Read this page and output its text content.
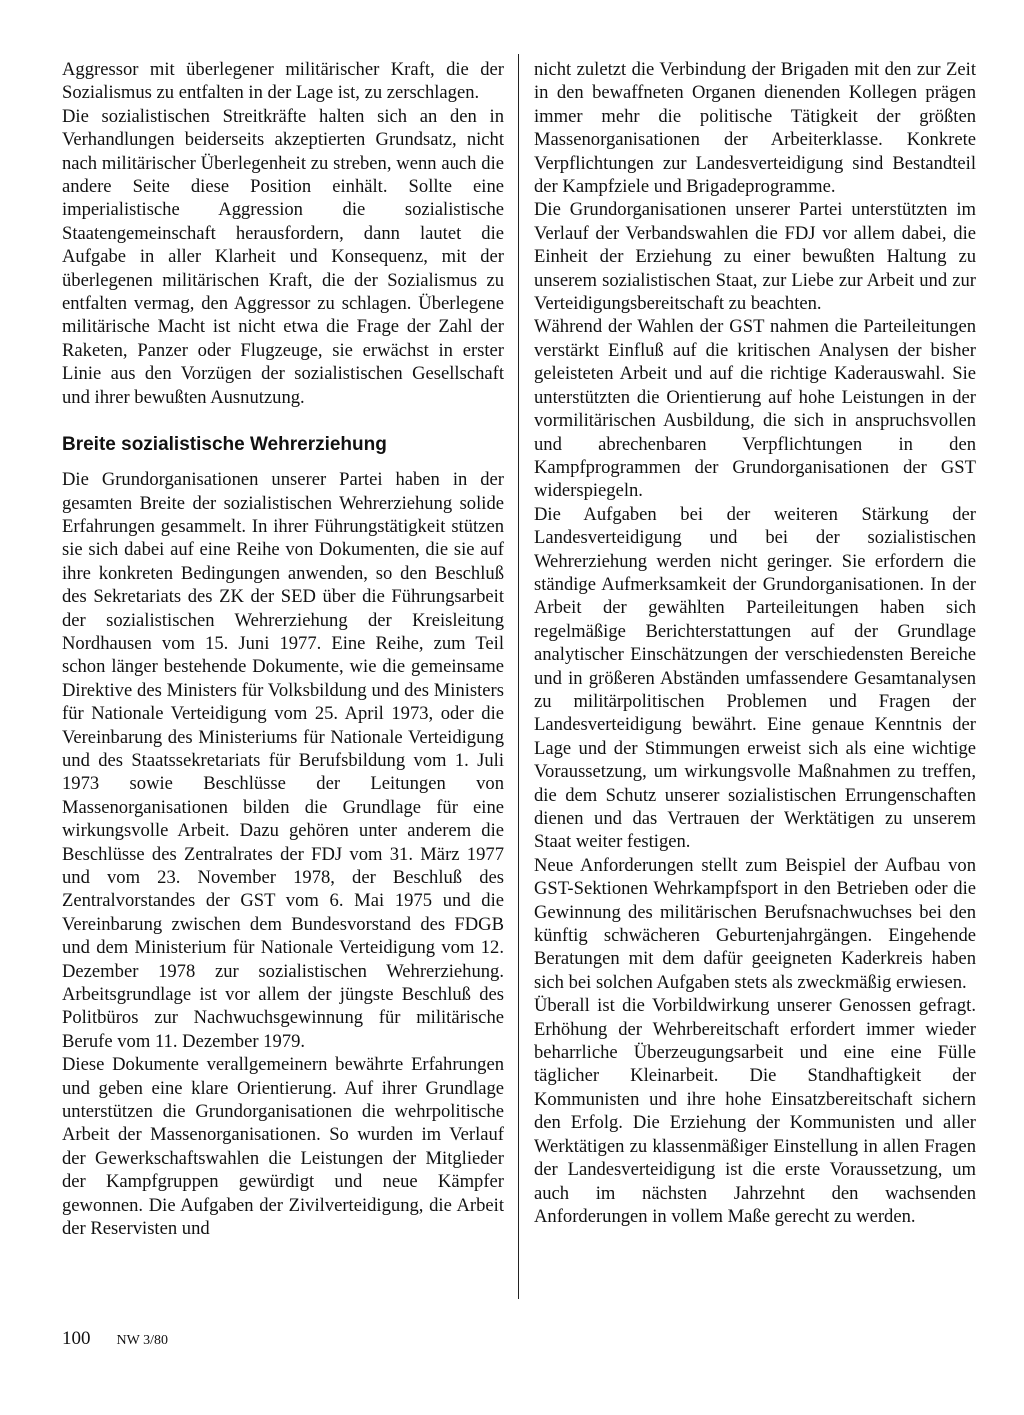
Aggressor mit überlegener militärischer Kraft, die der Sozialismus zu entfalten in der Lage ist, zu zerschlagen.

Die sozialistischen Streitkräfte halten sich an den in Verhandlungen beiderseits akzeptierten Grundsatz, nicht nach militärischer Überlegenheit zu streben, wenn auch die andere Seite diese Position einhält. Sollte eine imperialistische Aggression die sozialistische Staatengemeinschaft herausfordern, dann lautet die Aufgabe in aller Klarheit und Konsequenz, mit der überlegenen militärischen Kraft, die der Sozialismus zu entfalten vermag, den Aggressor zu schlagen. Überlegene militärische Macht ist nicht etwa die Frage der Zahl der Raketen, Panzer oder Flugzeuge, sie erwächst in erster Linie aus den Vorzügen der sozialistischen Gesellschaft und ihrer bewußten Ausnutzung.

Breite sozialistische Wehrerziehung

Die Grundorganisationen unserer Partei haben in der gesamten Breite der sozialistischen Wehrerziehung solide Erfahrungen gesammelt. In ihrer Führungstätigkeit stützen sie sich dabei auf eine Reihe von Dokumenten, die sie auf ihre konkreten Bedingungen anwenden, so den Beschluß des Sekretariats des ZK der SED über die Führungsarbeit der sozialistischen Wehrerziehung der Kreisleitung Nordhausen vom 15. Juni 1977. Eine Reihe, zum Teil schon länger bestehende Dokumente, wie die gemeinsame Direktive des Ministers für Volksbildung und des Ministers für Nationale Verteidigung vom 25. April 1973, oder die Vereinbarung des Ministeriums für Nationale Verteidigung und des Staatssekretariats für Berufsbildung vom 1. Juli 1973 sowie Beschlüsse der Leitungen von Massenorganisationen bilden die Grundlage für eine wirkungsvolle Arbeit. Dazu gehören unter anderem die Beschlüsse des Zentralrates der FDJ vom 31. März 1977 und vom 23. November 1978, der Beschluß des Zentralvorstandes der GST vom 6. Mai 1975 und die Vereinbarung zwischen dem Bundesvorstand des FDGB und dem Ministerium für Nationale Verteidigung vom 12. Dezember 1978 zur sozialistischen Wehrerziehung. Arbeitsgrundlage ist vor allem der jüngste Beschluß des Politbüros zur Nachwuchsgewinnung für militärische Berufe vom 11. Dezember 1979.

Diese Dokumente verallgemeinern bewährte Erfahrungen und geben eine klare Orientierung. Auf ihrer Grundlage unterstützen die Grundorganisationen die wehrpolitische Arbeit der Massenorganisationen. So wurden im Verlauf der Gewerkschaftswahlen die Leistungen der Mitglieder der Kampfgruppen gewürdigt und neue Kämpfer gewonnen. Die Aufgaben der Zivilverteidigung, die Arbeit der Reservisten und

nicht zuletzt die Verbindung der Brigaden mit den zur Zeit in den bewaffneten Organen dienenden Kollegen prägen immer mehr die politische Tätigkeit der größten Massenorganisationen der Arbeiterklasse. Konkrete Verpflichtungen zur Landesverteidigung sind Bestandteil der Kampfziele und Brigadeprogramme.

Die Grundorganisationen unserer Partei unterstützten im Verlauf der Verbandswahlen die FDJ vor allem dabei, die Einheit der Erziehung zu einer bewußten Haltung zu unserem sozialistischen Staat, zur Liebe zur Arbeit und zur Verteidigungsbereitschaft zu beachten.

Während der Wahlen der GST nahmen die Parteileitungen verstärkt Einfluß auf die kritischen Analysen der bisher geleisteten Arbeit und auf die richtige Kaderauswahl. Sie unterstützten die Orientierung auf hohe Leistungen in der vormilitärischen Ausbildung, die sich in anspruchsvollen und abrechenbaren Verpflichtungen in den Kampfprogrammen der Grundorganisationen der GST widerspiegeln.

Die Aufgaben bei der weiteren Stärkung der Landesverteidigung und bei der sozialistischen Wehrerziehung werden nicht geringer. Sie erfordern die ständige Aufmerksamkeit der Grundorganisationen. In der Arbeit der gewählten Parteileitungen haben sich regelmäßige Berichterstattungen auf der Grundlage analytischer Einschätzungen der verschiedensten Bereiche und in größeren Abständen umfassendere Gesamtanalysen zu militärpolitischen Problemen und Fragen der Landesverteidigung bewährt. Eine genaue Kenntnis der Lage und der Stimmungen erweist sich als eine wichtige Voraussetzung, um wirkungsvolle Maßnahmen zu treffen, die dem Schutz unserer sozialistischen Errungenschaften dienen und das Vertrauen der Werktätigen zu unserem Staat weiter festigen.

Neue Anforderungen stellt zum Beispiel der Aufbau von GST-Sektionen Wehrkampfsport in den Betrieben oder die Gewinnung des militärischen Berufsnachwuchses bei den künftig schwächeren Geburtenjahrgängen. Eingehende Beratungen mit dem dafür geeigneten Kaderkreis haben sich bei solchen Aufgaben stets als zweckmäßig erwiesen.

Überall ist die Vorbildwirkung unserer Genossen gefragt. Erhöhung der Wehrbereitschaft erfordert immer wieder beharrliche Überzeugungsarbeit und eine eine Fülle täglicher Kleinarbeit. Die Standhaftigkeit der Kommunisten und ihre hohe Einsatzbereitschaft sichern den Erfolg. Die Erziehung der Kommunisten und aller Werktätigen zu klassenmäßiger Einstellung in allen Fragen der Landesverteidigung ist die erste Voraussetzung, um auch im nächsten Jahrzehnt den wachsenden Anforderungen in vollem Maße gerecht zu werden.

100 NW 3/80
